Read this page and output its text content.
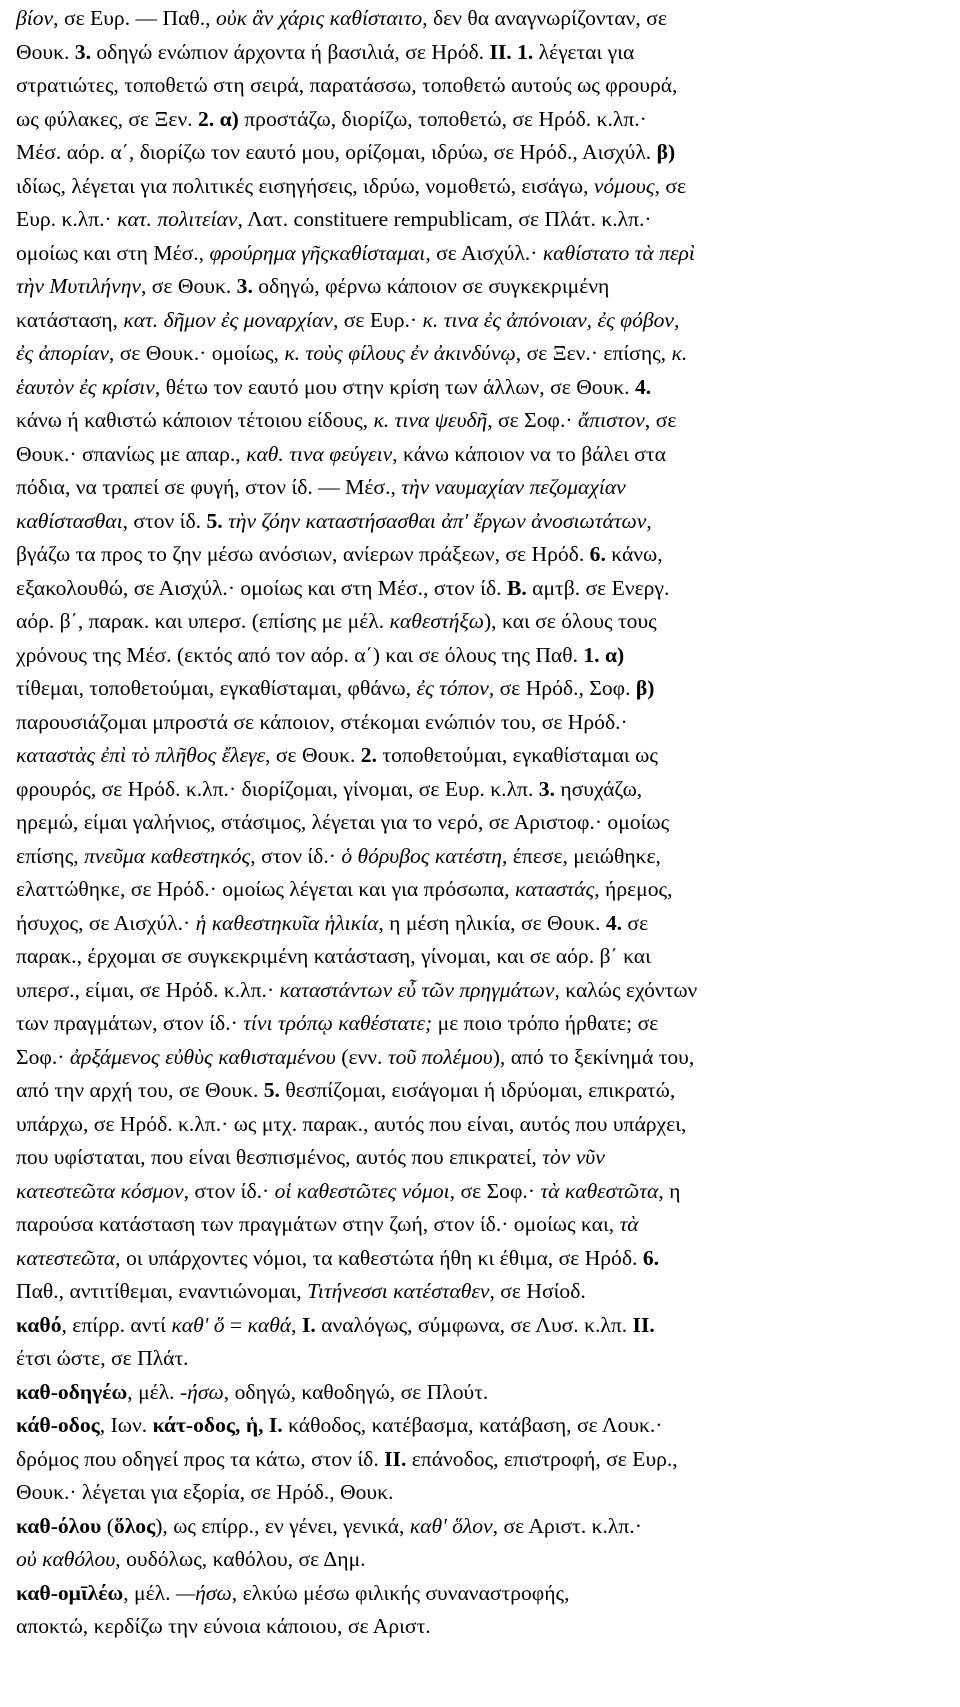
βίον, σε Ευρ. — Παθ., οὐκ ἂν χάρις καθίσταιτο, δεν θα αναγνωρίζονταν, σε
Θουκ. 3. οδηγώ ενώπιον άρχοντα ή βασιλιά, σε Ηρόδ. II. 1. λέγεται για
στρατιώτες, τοποθετώ στη σειρά, παρατάσσω, τοποθετώ αυτούς ως φρουρά,
ως φύλακες, σε Ξεν. 2. α) προστάζω, διορίζω, τοποθετώ, σε Ηρόδ. κ.λπ.·
Μέσ. αόρ. α΄, διορίζω τον εαυτό μου, ορίζομαι, ιδρύω, σε Ηρόδ., Αισχύλ. β)
ιδίως, λέγεται για πολιτικές εισηγήσεις, ιδρύω, νομοθετώ, εισάγω, νόμους, σε
Ευρ. κ.λπ.· κατ. πολιτείαν, Λατ. constituere rempublicam, σε Πλάτ. κ.λπ.·
ομοίως και στη Μέσ., φρούρημα γῆςκαθίσταμαι, σε Αισχύλ.· καθίστατο τὰ περὶ
τὴν Μυτιλήνην, σε Θουκ. 3. οδηγώ, φέρνω κάποιον σε συγκεκριμένη
κατάσταση, κατ. δῆμον ἐς μοναρχίαν, σε Ευρ.· κ. τινα ἐς ἀπόνοιαν, ἐς φόβον,
ἐς ἀπορίαν, σε Θουκ.· ομοίως, κ. τοὺς φίλους ἐν ἀκινδύνῳ, σε Ξεν.· επίσης, κ.
ἑαυτὸν ἐς κρίσιν, θέτω τον εαυτό μου στην κρίση των άλλων, σε Θουκ. 4.
κάνω ή καθιστώ κάποιον τέτοιου είδους, κ. τινα ψευδῆ, σε Σοφ.· ἄπιστον, σε
Θουκ.· σπανίως με απαρ., καθ. τινα φεύγειν, κάνω κάποιον να το βάλει στα
πόδια, να τραπεί σε φυγή, στον ίδ. — Μέσ., τὴν ναυμαχίαν πεζομαχίαν
καθίστασθαι, στον ίδ. 5. τὴν ζόην καταστήσασθαι ἀπ' ἔργων ἀνοσιωτάτων,
βγάζω τα προς το ζην μέσω ανόσιων, ανίερων πράξεων, σε Ηρόδ. 6. κάνω,
εξακολουθώ, σε Αισχύλ.· ομοίως και στη Μέσ., στον ίδ. B. αμτβ. σε Ενεργ.
αόρ. β΄, παρακ. και υπερσ. (επίσης με μέλ. καθεστήξω), και σε όλους τους
χρόνους της Μέσ. (εκτός από τον αόρ. α΄) και σε όλους της Παθ. 1. α)
τίθεμαι, τοποθετούμαι, εγκαθίσταμαι, φθάνω, ἐς τόπον, σε Ηρόδ., Σοφ. β)
παρουσιάζομαι μπροστά σε κάποιον, στέκομαι ενώπιόν του, σε Ηρόδ.·
καταστὰς ἐπὶ τὸ πλῆθος ἔλεγε, σε Θουκ. 2. τοποθετούμαι, εγκαθίσταμαι ως
φρουρός, σε Ηρόδ. κ.λπ.· διορίζομαι, γίνομαι, σε Ευρ. κ.λπ. 3. ησυχάζω,
ηρεμώ, είμαι γαλήνιος, στάσιμος, λέγεται για το νερό, σε Αριστοφ.· ομοίως
επίσης, πνεῦμα καθεστηκός, στον ίδ.· ὁ θόρυβος κατέστη, έπεσε, μειώθηκε,
ελαττώθηκε, σε Ηρόδ.· ομοίως λέγεται και για πρόσωπα, καταστάς, ήρεμος,
ήσυχος, σε Αισχύλ.· ἡ καθεστηκυῖα ἡλικία, η μέση ηλικία, σε Θουκ. 4. σε
παρακ., έρχομαι σε συγκεκριμένη κατάσταση, γίνομαι, και σε αόρ. β΄ και
υπερσ., είμαι, σε Ηρόδ. κ.λπ.· καταστάντων εὖ τῶν πρηγμάτων, καλώς εχόντων
των πραγμάτων, στον ίδ.· τίνι τρόπῳ καθέστατε; με ποιο τρόπο ήρθατε; σε
Σοφ.· ἀρξάμενος εὐθὺς καθισταμένου (ενν. τοῦ πολέμου), από το ξεκίνημά του,
από την αρχή του, σε Θουκ. 5. θεσπίζομαι, εισάγομαι ή ιδρύομαι, επικρατώ,
υπάρχω, σε Ηρόδ. κ.λπ.· ως μτχ. παρακ., αυτός που είναι, αυτός που υπάρχει,
που υφίσταται, που είναι θεσπισμένος, αυτός που επικρατεί, τὸν νῦν
κατεστεῶτα κόσμον, στον ίδ.· οἱ καθεστῶτες νόμοι, σε Σοφ.· τὰ καθεστῶτα, η
παρούσα κατάσταση των πραγμάτων στην ζωή, στον ίδ.· ομοίως και, τὰ
κατεστεῶτα, οι υπάρχοντες νόμοι, τα καθεστώτα ήθη κι έθιμα, σε Ηρόδ. 6.
Παθ., αντιτίθεμαι, εναντιώνομαι, Τιτήνεσσι κατέσταθεν, σε Ησίοδ.
καθό, επίρρ. αντί καθ' ὅ = καθά, I. αναλόγως, σύμφωνα, σε Λυσ. κ.λπ. II.
έτσι ώστε, σε Πλάτ.
καθ-οδηγέω, μέλ. -ήσω, οδηγώ, καθοδηγώ, σε Πλούτ.
κάθ-οδος, Ιων. κάτ-οδος, ἡ, I. κάθοδος, κατέβασμα, κατάβαση, σε Λουκ.·
δρόμος που οδηγεί προς τα κάτω, στον ίδ. II. επάνοδος, επιστροφή, σε Ευρ.,
Θουκ.· λέγεται για εξορία, σε Ηρόδ., Θουκ.
καθ-όλου (ὅλος), ως επίρρ., εν γένει, γενικά, καθ' ὅλον, σε Αριστ. κ.λπ.·
οὐ καθόλου, ουδόλως, καθόλου, σε Δημ.
καθ-ομῑλέω, μέλ. —ήσω, ελκύω μέσω φιλικής συναναστροφής,
αποκτώ, κερδίζω την εύνοια κάποιου, σε Αριστ.
